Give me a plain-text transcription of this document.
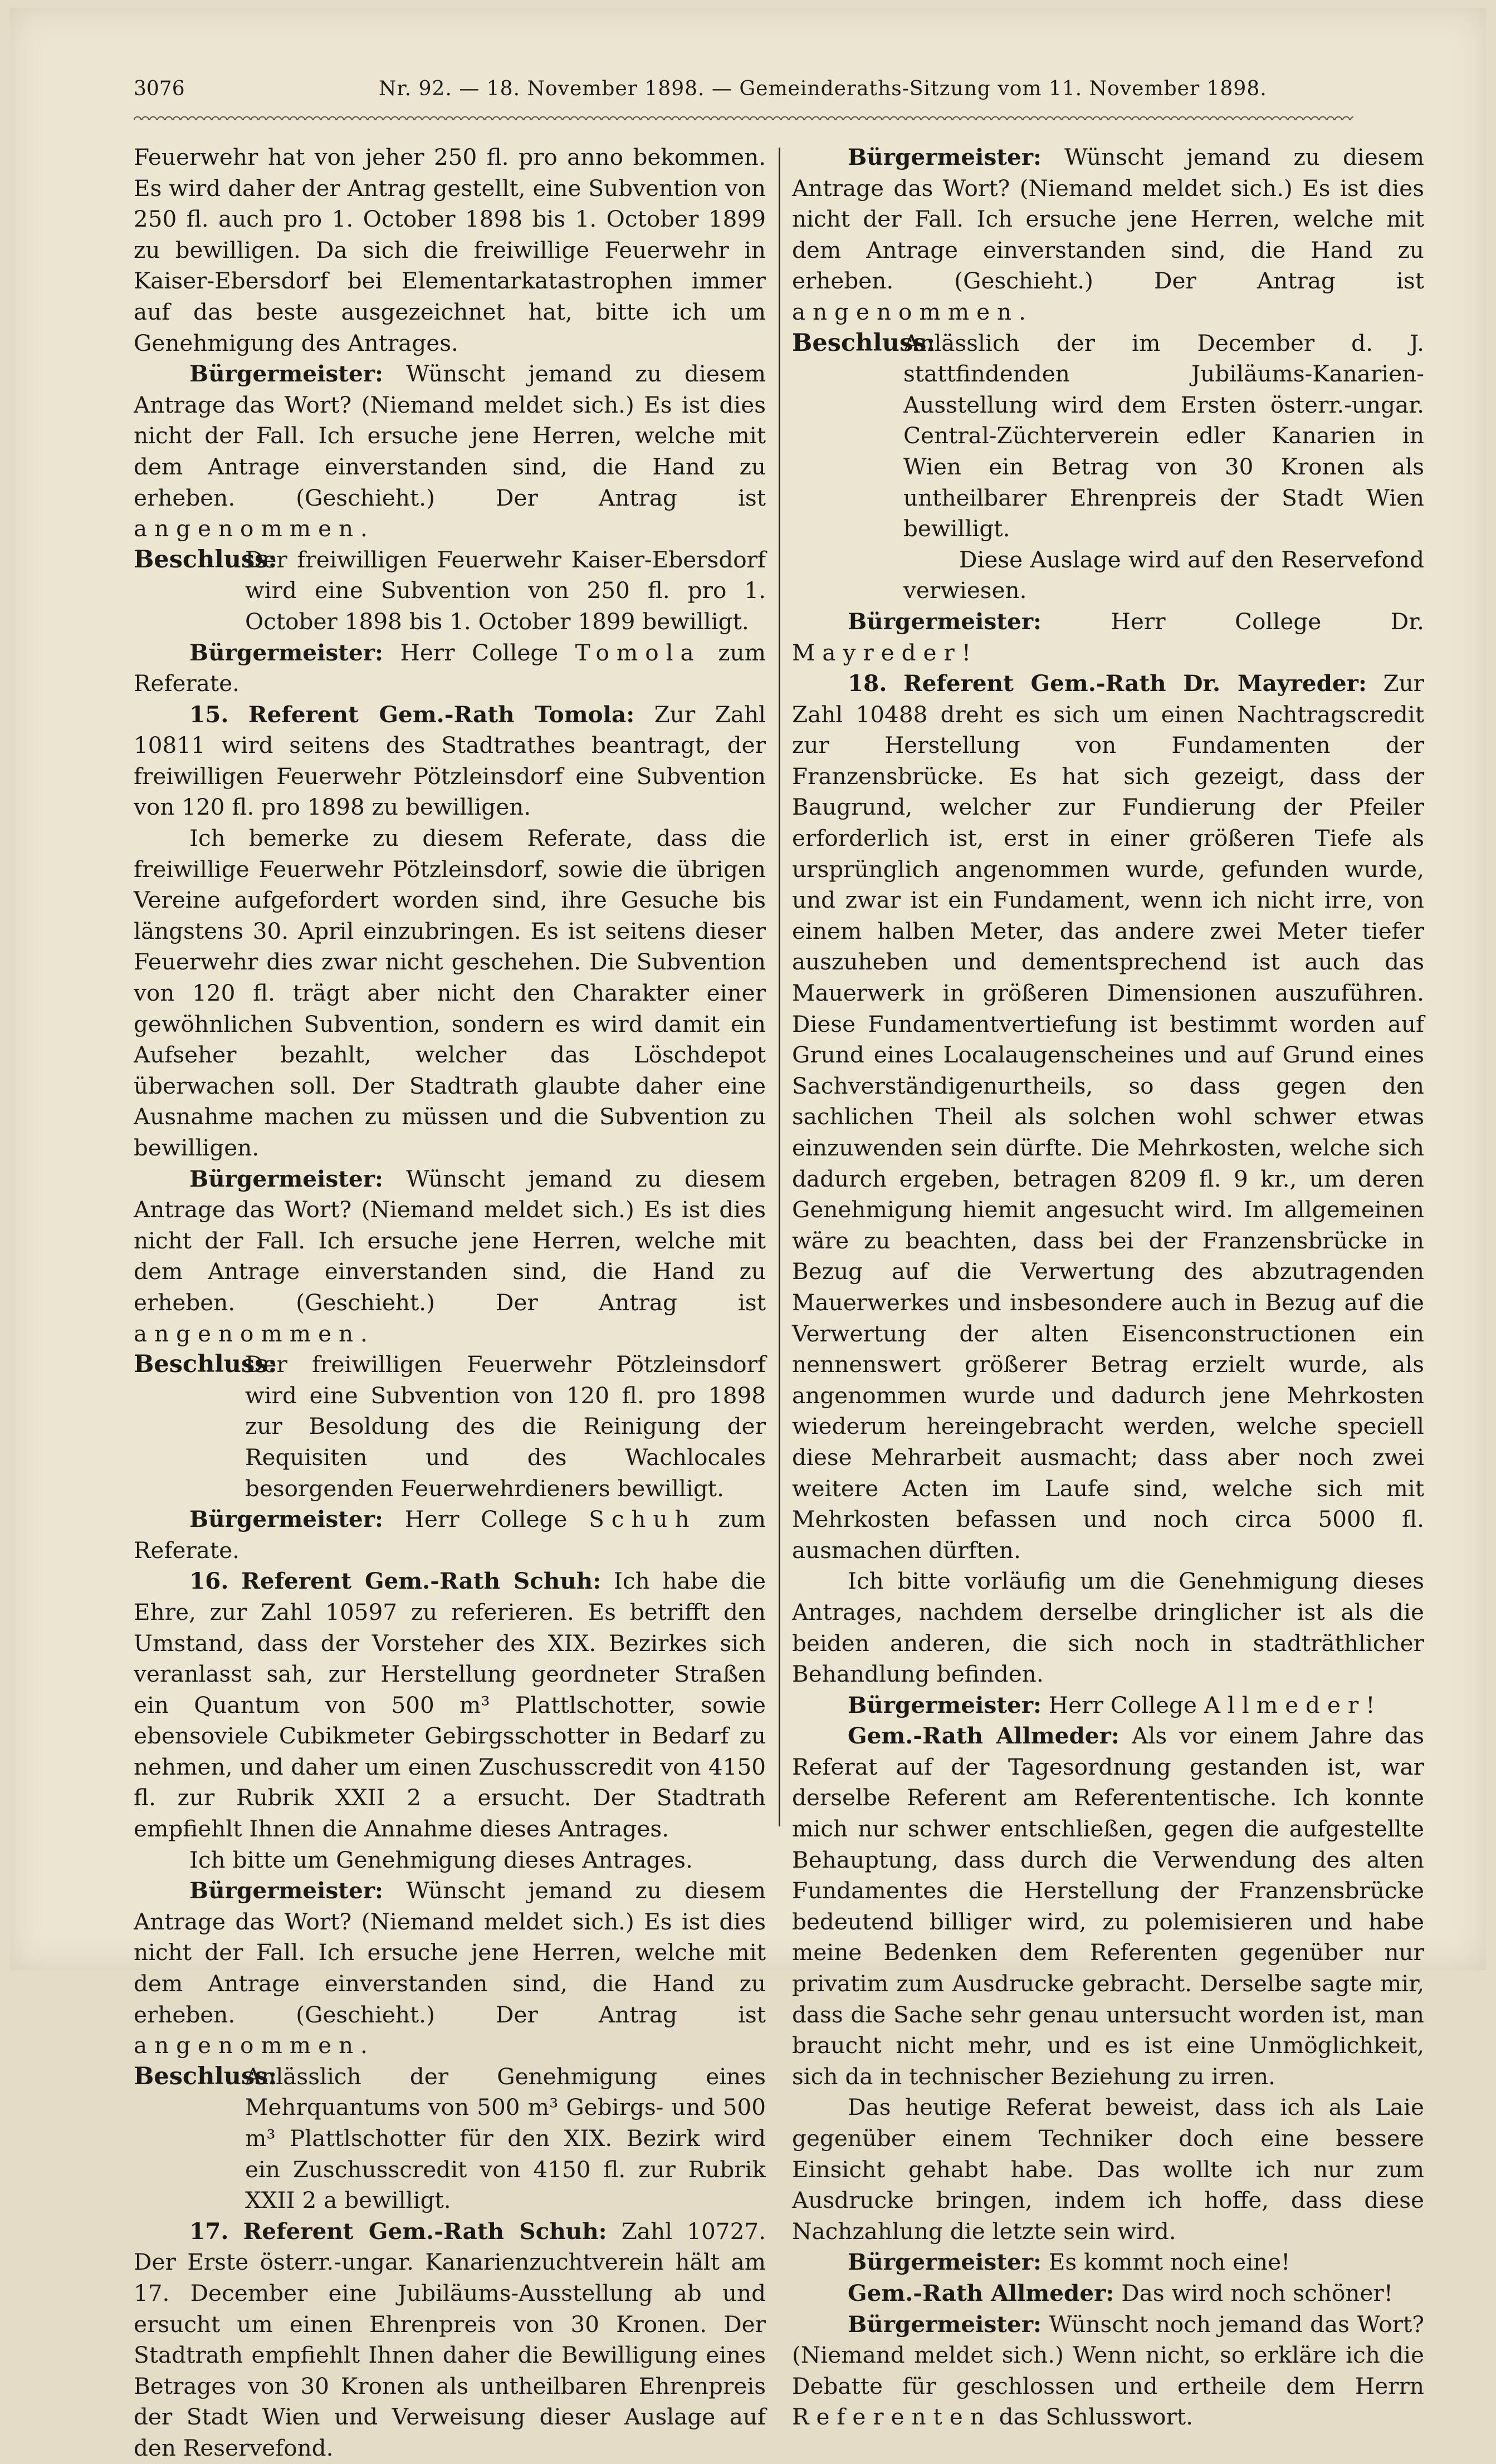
3076	Nr. 92. — 18. November 1898. — Gemeinderaths-Sitzung vom 11. November 1898.

Feuerwehr hat von jeher 250 fl. pro anno bekommen. Es wird daher der Antrag gestellt, eine Subvention von 250 fl. auch pro 1. October 1898 bis 1. October 1899 zu bewilligen. Da sich die freiwillige Feuerwehr in Kaiser-Ebersdorf bei Elementarkatastrophen immer auf das beste ausgezeichnet hat, bitte ich um Genehmigung des Antrages.

Bürgermeister: Wünscht jemand zu diesem Antrage das Wort? (Niemand meldet sich.) Es ist dies nicht der Fall. Ich ersuche jene Herren, welche mit dem Antrage einverstanden sind, die Hand zu erheben. (Geschieht.) Der Antrag ist angenommen.

Beschluss:

Der freiwilligen Feuerwehr Kaiser-Ebersdorf wird eine Subvention von 250 fl. pro 1. October 1898 bis 1. October 1899 bewilligt.

Bürgermeister: Herr College Tomola zum Referate.

15. Referent Gem.-Rath Tomola: Zur Zahl 10811 wird seitens des Stadtrathes beantragt, der freiwilligen Feuerwehr Pötzleinsdorf eine Subvention von 120 fl. pro 1898 zu bewilligen.

Ich bemerke zu diesem Referate, dass die freiwillige Feuerwehr Pötzleinsdorf, sowie die übrigen Vereine aufgefordert worden sind, ihre Gesuche bis längstens 30. April einzubringen. Es ist seitens dieser Feuerwehr dies zwar nicht geschehen. Die Subvention von 120 fl. trägt aber nicht den Charakter einer gewöhnlichen Subvention, sondern es wird damit ein Aufseher bezahlt, welcher das Löschdepot überwachen soll. Der Stadtrath glaubte daher eine Ausnahme machen zu müssen und die Subvention zu bewilligen.

Bürgermeister: Wünscht jemand zu diesem Antrage das Wort? (Niemand meldet sich.) Es ist dies nicht der Fall. Ich ersuche jene Herren, welche mit dem Antrage einverstanden sind, die Hand zu erheben. (Geschieht.) Der Antrag ist angenommen.

Beschluss:

Der freiwilligen Feuerwehr Pötzleinsdorf wird eine Subvention von 120 fl. pro 1898 zur Besoldung des die Reinigung der Requisiten und des Wachlocales besorgenden Feuerwehrdieners bewilligt.

Bürgermeister: Herr College Schuh zum Referate.

16. Referent Gem.-Rath Schuh: Ich habe die Ehre, zur Zahl 10597 zu referieren. Es betrifft den Umstand, dass der Vorsteher des XIX. Bezirkes sich veranlasst sah, zur Herstellung geordneter Straßen ein Quantum von 500 m³ Plattlschotter, sowie ebensoviele Cubikmeter Gebirgsschotter in Bedarf zu nehmen, und daher um einen Zuschusscredit von 4150 fl. zur Rubrik XXII 2 a ersucht. Der Stadtrath empfiehlt Ihnen die Annahme dieses Antrages.

Ich bitte um Genehmigung dieses Antrages.

Bürgermeister: Wünscht jemand zu diesem Antrage das Wort? (Niemand meldet sich.) Es ist dies nicht der Fall. Ich ersuche jene Herren, welche mit dem Antrage einverstanden sind, die Hand zu erheben. (Geschieht.) Der Antrag ist angenommen.

Beschluss:

Anlässlich der Genehmigung eines Mehrquantums von 500 m³ Gebirgs- und 500 m³ Plattlschotter für den XIX. Bezirk wird ein Zuschusscredit von 4150 fl. zur Rubrik XXII 2 a bewilligt.

17. Referent Gem.-Rath Schuh: Zahl 10727. Der Erste österr.-ungar. Kanarienzuchtverein hält am 17. December eine Jubiläums-Ausstellung ab und ersucht um einen Ehrenpreis von 30 Kronen. Der Stadtrath empfiehlt Ihnen daher die Bewilligung eines Betrages von 30 Kronen als untheilbaren Ehrenpreis der Stadt Wien und Verweisung dieser Auslage auf den Reservefond.

Bürgermeister: Wünscht jemand zu diesem Antrage das Wort? (Niemand meldet sich.) Es ist dies nicht der Fall. Ich ersuche jene Herren, welche mit dem Antrage einverstanden sind, die Hand zu erheben. (Geschieht.) Der Antrag ist angenommen.

Beschluss:

Anlässlich der im December d. J. stattfindenden Jubiläums-Kanarien-Ausstellung wird dem Ersten österr.-ungar. Central-Züchterverein edler Kanarien in Wien ein Betrag von 30 Kronen als untheilbarer Ehrenpreis der Stadt Wien bewilligt.

Diese Auslage wird auf den Reservefond verwiesen.

Bürgermeister:	Herr College Dr. Mayreder!

18. Referent Gem.-Rath Dr. Mayreder: Zur Zahl 10488 dreht es sich um einen Nachtragscredit zur Herstellung von Fundamenten der Franzensbrücke. Es hat sich gezeigt, dass der Baugrund, welcher zur Fundierung der Pfeiler erforderlich ist, erst in einer größeren Tiefe als ursprünglich angenommen wurde, gefunden wurde, und zwar ist ein Fundament, wenn ich nicht irre, von einem halben Meter, das andere zwei Meter tiefer auszuheben und dementsprechend ist auch das Mauerwerk in größeren Dimensionen auszuführen. Diese Fundamentvertiefung ist bestimmt worden auf Grund eines Localaugenscheines und auf Grund eines Sachverständigenurtheils, so dass gegen den sachlichen Theil als solchen wohl schwer etwas einzuwenden sein dürfte. Die Mehrkosten, welche sich dadurch ergeben, betragen 8209 fl. 9 kr., um deren Genehmigung hiemit angesucht wird. Im allgemeinen wäre zu beachten, dass bei der Franzensbrücke in Bezug auf die Verwertung des abzutragenden Mauerwerkes und insbesondere auch in Bezug auf die Verwertung der alten Eisenconstructionen ein nennenswert größerer Betrag erzielt wurde, als angenommen wurde und dadurch jene Mehrkosten wiederum hereingebracht werden, welche speciell diese Mehrarbeit ausmacht; dass aber noch zwei weitere Acten im Laufe sind, welche sich mit Mehrkosten befassen und noch circa 5000 fl. ausmachen dürften.

Ich bitte vorläufig um die Genehmigung dieses Antrages, nachdem derselbe dringlicher ist als die beiden anderen, die sich noch in stadträthlicher Behandlung befinden.

Bürgermeister: Herr College Allmeder!

Gem.-Rath Allmeder: Als vor einem Jahre das Referat auf der Tagesordnung gestanden ist, war derselbe Referent am Referententische. Ich konnte mich nur schwer entschließen, gegen die aufgestellte Behauptung, dass durch die Verwendung des alten Fundamentes die Herstellung der Franzensbrücke bedeutend billiger wird, zu polemisieren und habe meine Bedenken dem Referenten gegenüber nur privatim zum Ausdrucke gebracht. Derselbe sagte mir, dass die Sache sehr genau untersucht worden ist, man braucht nicht mehr, und es ist eine Unmöglichkeit, sich da in technischer Beziehung zu irren.

Das heutige Referat beweist, dass ich als Laie gegenüber einem Techniker doch eine bessere Einsicht gehabt habe. Das wollte ich nur zum Ausdrucke bringen, indem ich hoffe, dass diese Nachzahlung die letzte sein wird.

Bürgermeister: Es kommt noch eine!

Gem.-Rath Allmeder: Das wird noch schöner!

Bürgermeister: Wünscht noch jemand das Wort? (Niemand meldet sich.) Wenn nicht, so erkläre ich die Debatte für geschlossen und ertheile dem Herrn Referenten das Schlusswort.
